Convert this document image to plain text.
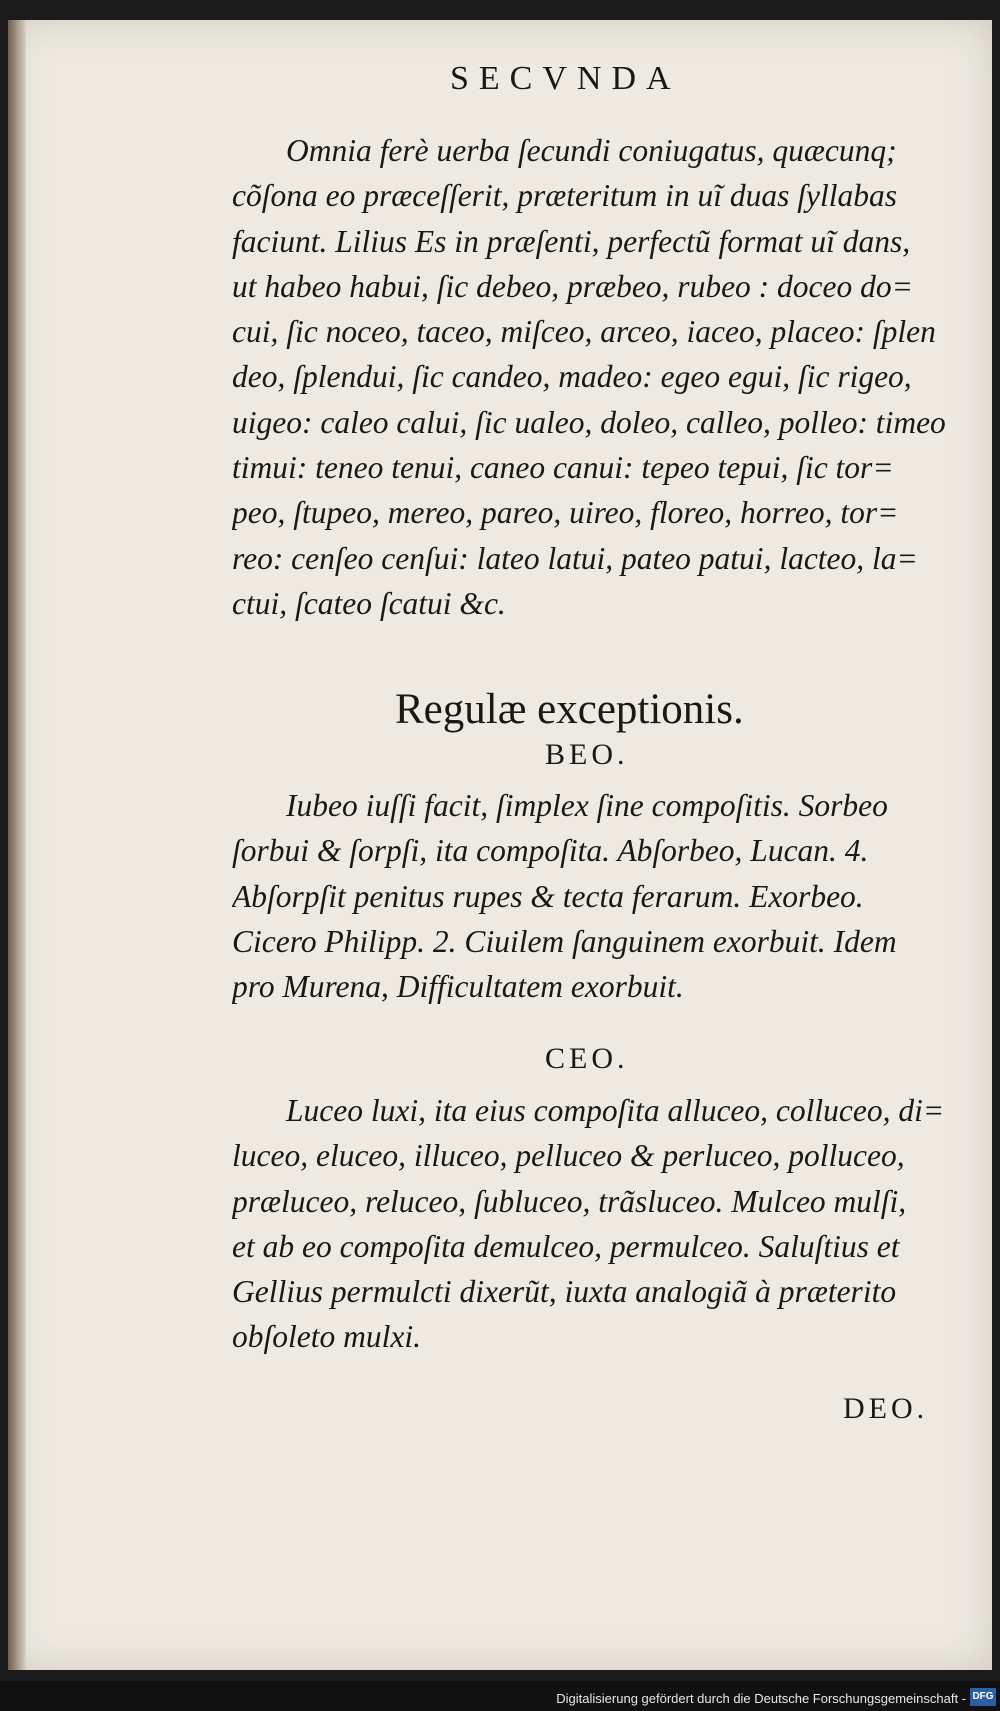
SECVNDA
Omnia ferè uerba ſecundi coniugatus, quæcunq;
cõſona eo præceſſerit, præteritum in uĩ duas ſyllabas
faciunt. Lilius Es in præſenti, perfectũ format uĩ dans,
ut habeo habui, ſic debeo, præbeo, rubeo : doceo do=
cui, ſic noceo, taceo, miſceo, arceo, iaceo, placeo: ſplen
deo, ſplendui, ſic candeo, madeo: egeo egui, ſic rigeo,
uigeo: caleo calui, ſic ualeo, doleo, calleo, polleo: timeo
timui: teneo tenui, caneo canui: tepeo tepui, ſic tor=
peo, ſtupeo, mereo, pareo, uireo, floreo, horreo, tor=
reo: cenſeo cenſui: lateo latui, pateo patui, lacteo, la=
ctui, ſcateo ſcatui &c.
Regulæ exceptionis.
BEO.
Iubeo iuſſi facit, ſimplex ſine compoſitis. Sorbeo
ſorbui & ſorpſi, ita compoſita. Abſorbeo, Lucan. 4.
Abſorpſit penitus rupes & tecta ferarum. Exorbeo.
Cicero Philipp. 2. Ciuilem ſanguinem exorbuit. Idem
pro Murena, Difficultatem exorbuit.
CEO.
Luceo luxi, ita eius compoſita alluceo, colluceo, di=
luceo, eluceo, illuceo, pelluceo & perluceo, polluceo,
præluceo, reluceo, ſubluceo, trãsluceo. Mulceo mulſi,
et ab eo compoſita demulceo, permulceo. Saluſtius et
Gellius permulcti dixerũt, iuxta analogiã à præterito
obſoleto mulxi.
DEO.
Digitalisierung gefördert durch die Deutsche Forschungsgemeinschaft - DFG
